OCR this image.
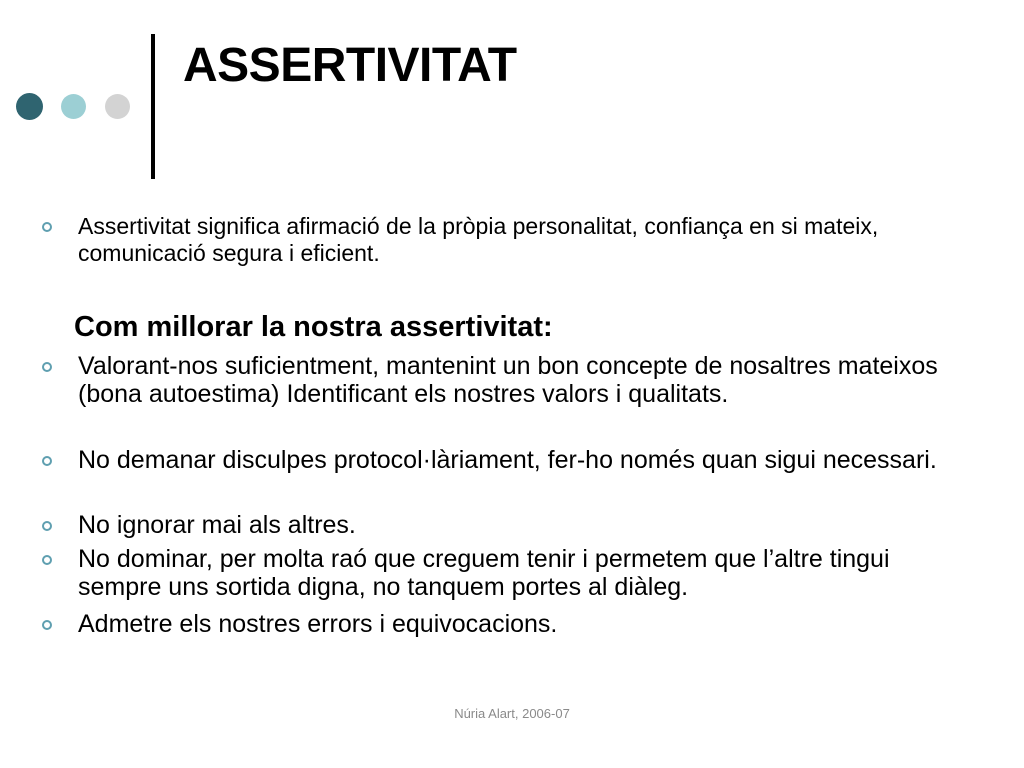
ASSERTIVITAT

Assertivitat significa afirmació de la pròpia personalitat, confiança en si mateix, comunicació segura i eficient.

Com millorar la nostra assertivitat:

Valorant-nos suficientment, mantenint un bon concepte de nosaltres mateixos (bona autoestima) Identificant els nostres valors i qualitats.

No demanar disculpes protocol·làriament, fer-ho només quan sigui necessari.

No ignorar mai als altres.

No dominar, per molta raó que creguem tenir i permetem que l’altre tingui sempre uns sortida digna, no tanquem portes al diàleg.

Admetre els nostres errors i equivocacions.

Núria Alart, 2006-07
